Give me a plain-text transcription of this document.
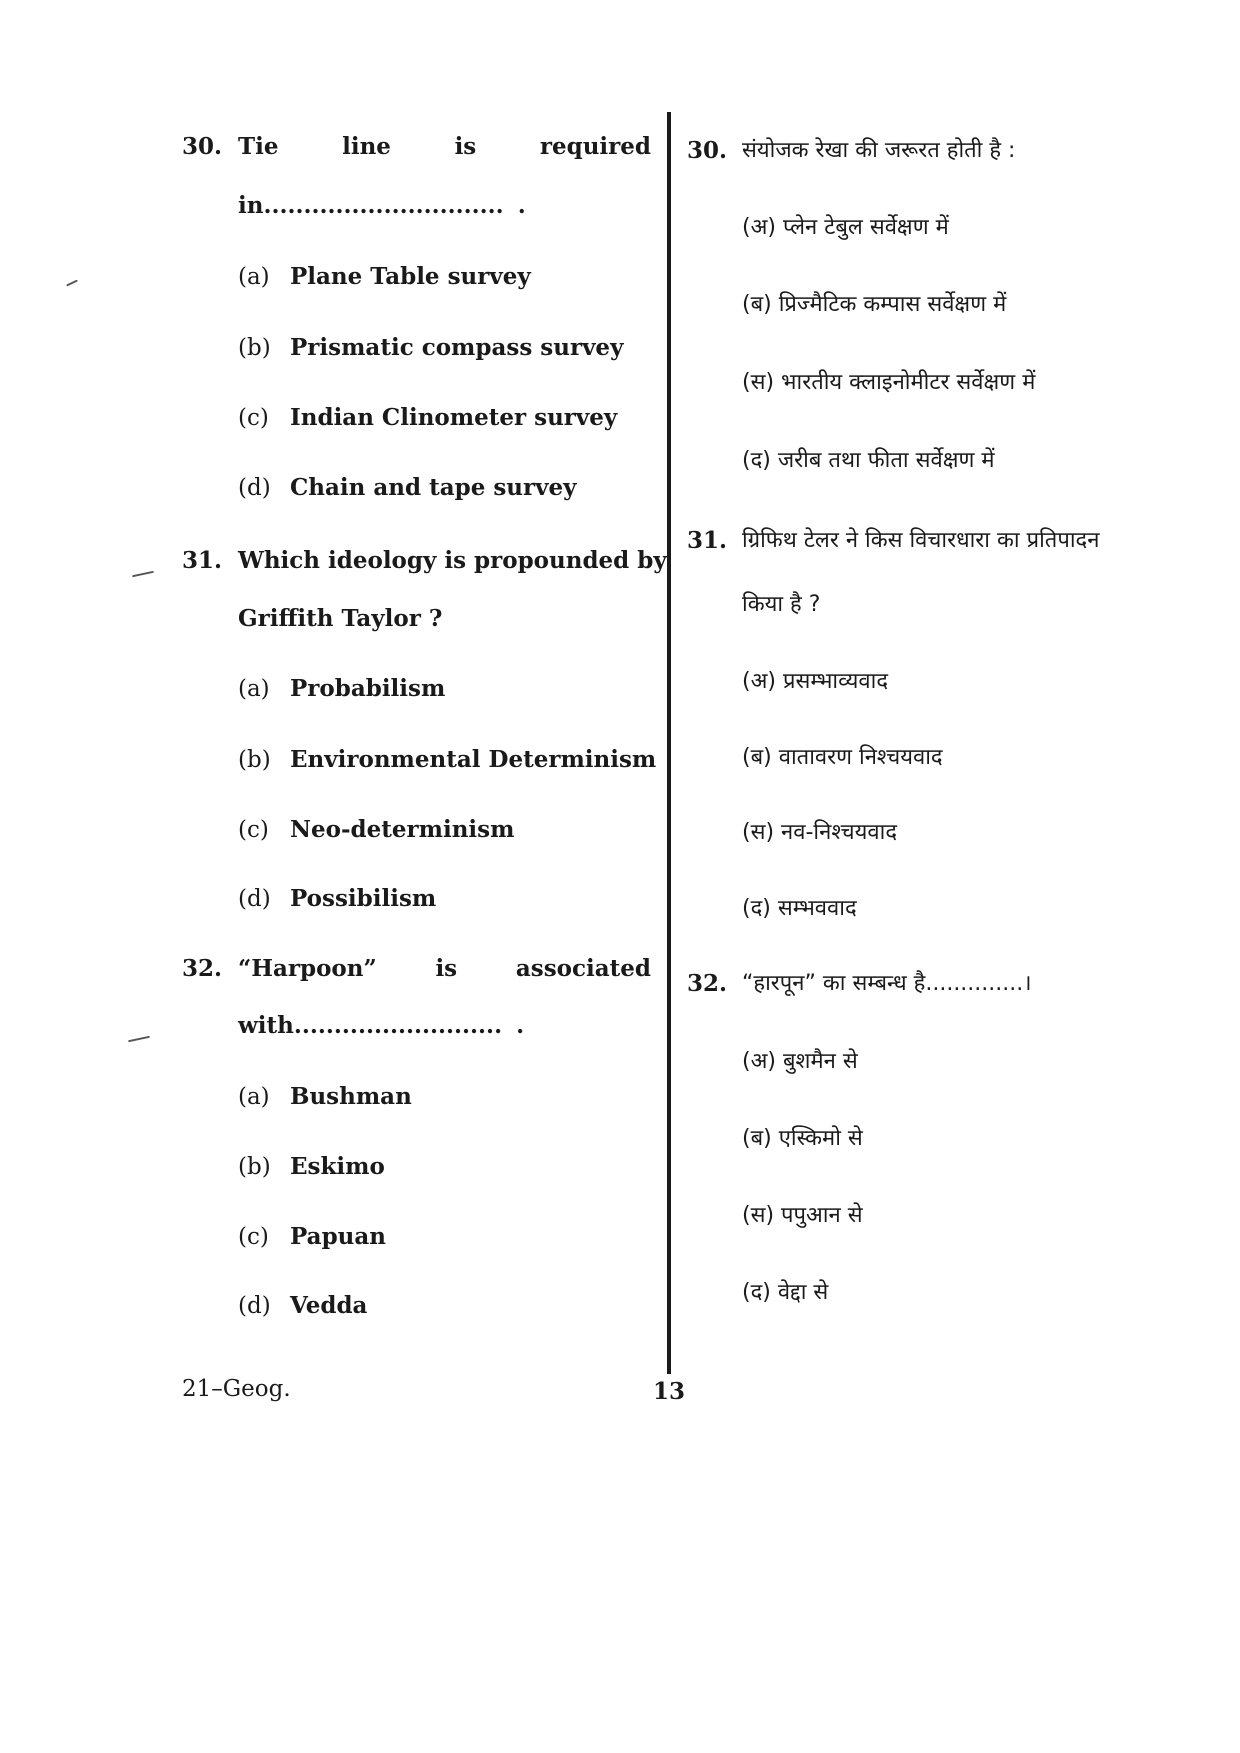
30. Tie	line	is	required
in.............................. .
(a) Plane Table survey
(b) Prismatic compass survey
(c) Indian Clinometer survey
(d) Chain and tape survey
31. Which ideology is propounded by
Griffith Taylor ?
(a) Probabilism
(b) Environmental Determinism
(c) Neo-determinism
(d) Possibilism
32. “Harpoon”	is	associated
with.......................... .
(a) Bushman
(b) Eskimo
(c) Papuan
(d) Vedda
30. संयोजक रेखा की जरूरत होती है :
(अ) प्लेन टेबुल सर्वेक्षण में
(ब) प्रिज्मैटिक कम्पास सर्वेक्षण में
(स) भारतीय क्लाइनोमीटर सर्वेक्षण में
(द) जरीब तथा फीता सर्वेक्षण में
31. ग्रिफिथ टेलर ने किस विचारधारा का प्रतिपादन
किया है ?
(अ) प्रसम्भाव्यवाद
(ब) वातावरण निश्चयवाद
(स) नव-निश्चयवाद
(द) सम्भववाद
32. “हारपून” का सम्बन्ध है..............।
(अ) बुशमैन से
(ब) एस्किमो से
(स) पपुआन से
(द) वेद्दा से
21–Geog.	13
